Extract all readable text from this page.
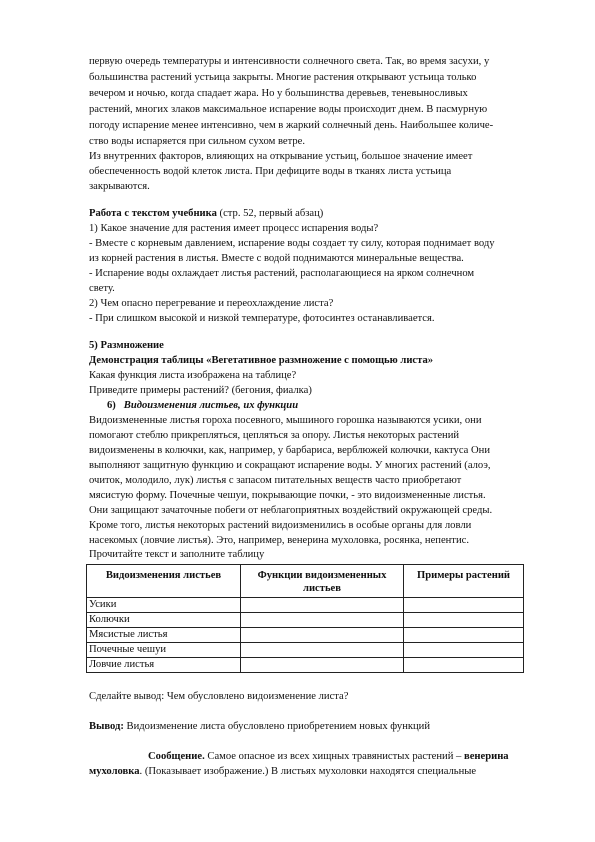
первую очередь температуры и интенсивности солнечного света. Так, во время засухи, у
большинства растений устьица закрыты. Многие растения открывают устьица только
вечером и ночью, когда спадает жара. Но у большинства деревьев, теневыносливых
растений, многих злаков максимальное испарение воды происходит днем. В пасмурную
погоду испарение менее интенсивно, чем в жаркий солнечный день. Наибольшее количе-
ство воды испаряется при сильном сухом ветре.
Из внутренних факторов, влияющих на открывание устьиц, большое значение имеет
обеспеченность водой клеток листа. При дефиците воды в тканях листа устьица
закрываются.
Работа с текстом учебника (стр. 52, первый абзац)
1) Какое значение для растения имеет процесс испарения воды?
- Вместе с корневым давлением, испарение воды создает ту силу, которая поднимает воду
из корней растения в листья. Вместе с водой поднимаются минеральные вещества.
- Испарение воды охлаждает листья растений, располагающиеся на ярком солнечном
свету.
2) Чем опасно перегревание и переохлаждение листа?
- При слишком высокой и низкой температуре, фотосинтез останавливается.
5) Размножение
Демонстрация таблицы «Вегетативное размножение с помощью листа»
Какая функция листа изображена на таблице?
Приведите примеры растений? (бегония, фиалка)
6) Видоизменения листьев, их функции
Видоизмененные листья гороха посевного, мышиного горошка называются усики, они
помогают стеблю прикрепляться, цепляться за опору. Листья некоторых растений
видоизменены в колючки, как, например, у барбариса, верблюжей колючки, кактуса Они
выполняют защитную функцию и сокращают испарение воды. У многих растений (алоэ,
очиток, молодило, лук) листья с запасом питательных веществ часто приобретают
мясистую форму. Почечные чешуи, покрывающие почки, - это видоизмененные листья.
Они защищают зачаточные побеги от неблагоприятных воздействий окружающей среды.
Кроме того, листья некоторых растений видоизменились в особые органы для ловли
насекомых (ловчие листья). Это, например, венерина мухоловка, росянка, непентис.
Прочитайте текст и заполните таблицу
Видоизменения листьев	Функции видоизмененных листьев	Примеры растений
Усики		
Колючки		
Мясистые листья		
Почечные чешуи		
Ловчие листья		
Сделайте вывод: Чем обусловлено видоизменение листа?
Вывод: Видоизменение листа обусловлено приобретением новых функций
Сообщение. Самое опасное из всех хищных травянистых растений – венерина
мухоловка. (Показывает изображение.) В листьях мухоловки находятся специальные
